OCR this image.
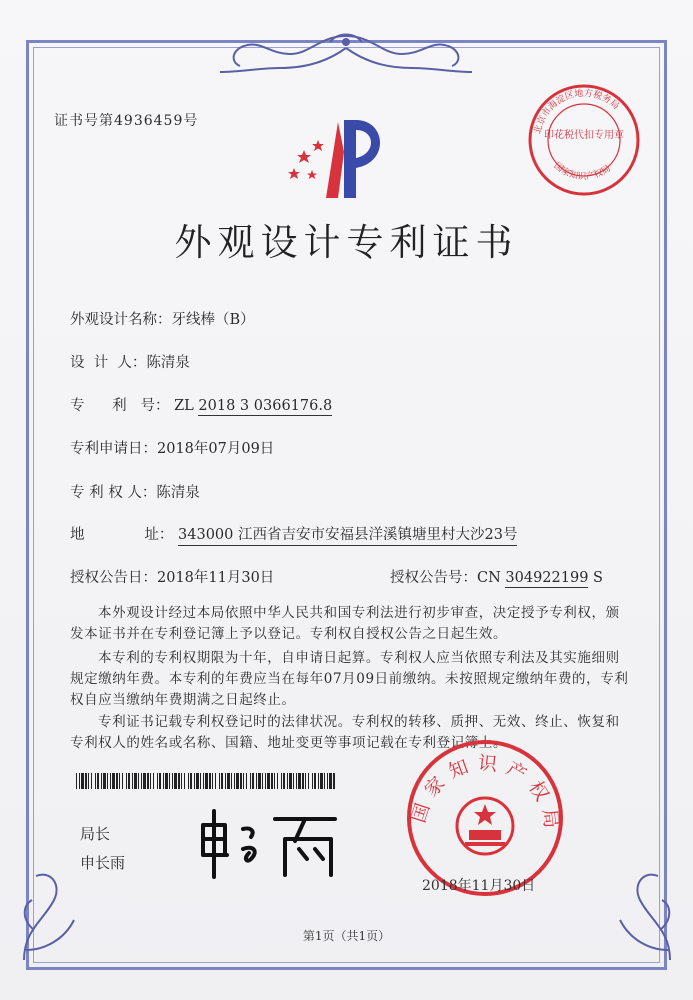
证书号第4936459号
北京市海淀区地方税务局
国家知识产权局
印花税代扣专用章
外观设计专利证书
外观设计名称：牙线棒（B）
设  计  人：陈清泉
专      利   号： ZL 2018 3 0366176.8
专利申请日：2018年07月09日
专 利 权 人：陈清泉
地             址： 343000 江西省吉安市安福县洋溪镇塘里村大沙23号
授权公告日：2018年11月30日	授权公告号：CN 304922199 S
本外观设计经过本局依照中华人民共和国专利法进行初步审查，决定授予专利权，颁发本证书并在专利登记簿上予以登记。专利权自授权公告之日起生效。
本专利的专利权期限为十年，自申请日起算。专利权人应当依照专利法及其实施细则规定缴纳年费。本专利的年费应当在每年07月09日前缴纳。未按照规定缴纳年费的，专利权自应当缴纳年费期满之日起终止。
专利证书记载专利权登记时的法律状况。专利权的转移、质押、无效、终止、恢复和专利权人的姓名或名称、国籍、地址变更等事项记载在专利登记簿上。
局长
申长雨
国家知识产权局
2018年11月30日
第1页（共1页）
